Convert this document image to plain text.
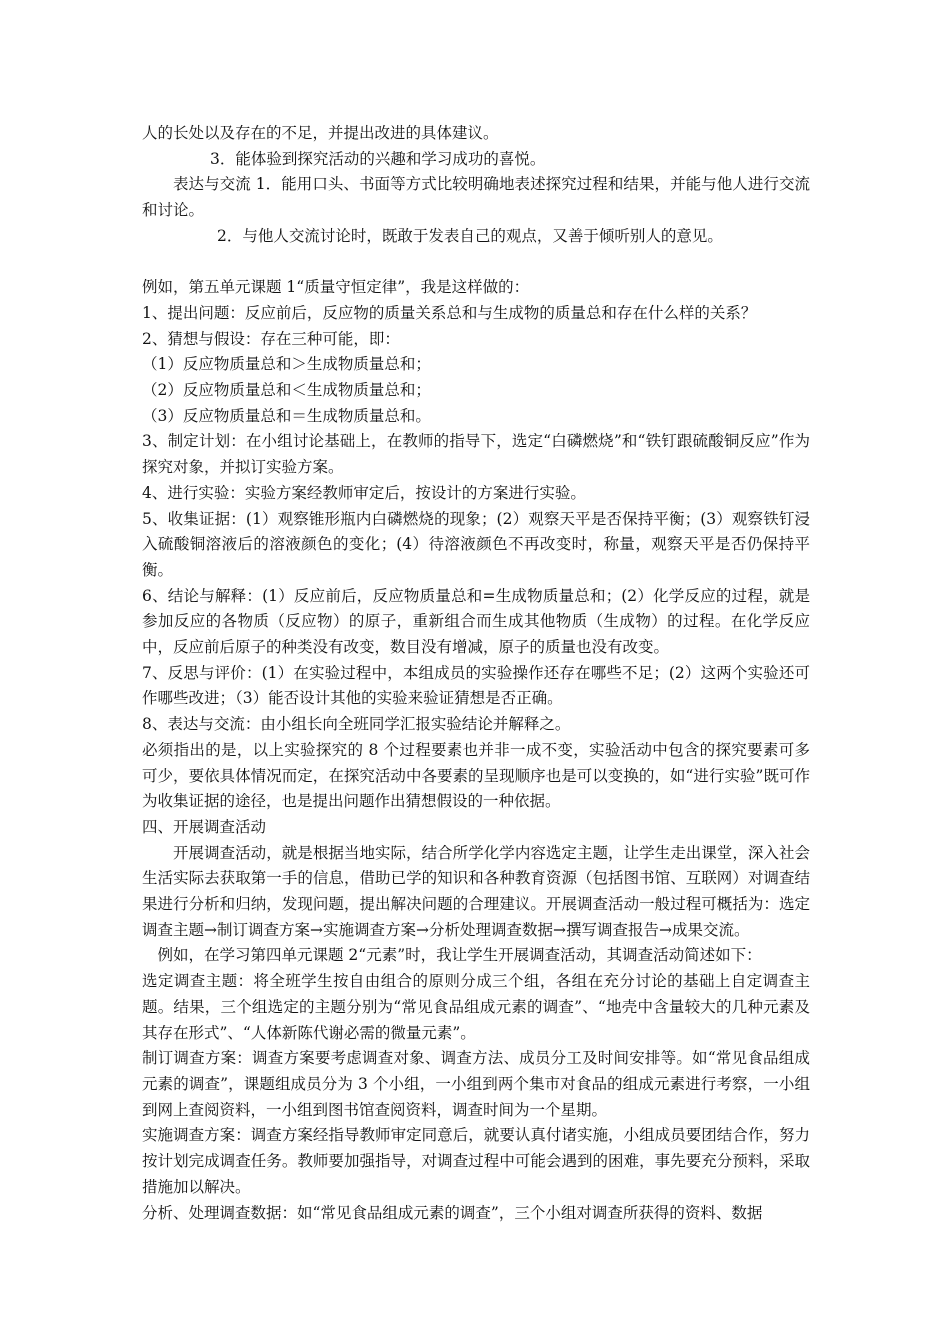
人的长处以及存在的不足，并提出改进的具体建议。

3．能体验到探究活动的兴趣和学习成功的喜悦。

表达与交流 1．能用口头、书面等方式比较明确地表述探究过程和结果，并能与他人进行交流和讨论。

2．与他人交流讨论时，既敢于发表自己的观点，又善于倾听别人的意见。

例如，第五单元课题 1“质量守恒定律”，我是这样做的：

1、提出问题：反应前后，反应物的质量关系总和与生成物的质量总和存在什么样的关系？

2、猜想与假设：存在三种可能，即：

（1）反应物质量总和＞生成物质量总和；

（2）反应物质量总和＜生成物质量总和；

（3）反应物质量总和＝生成物质量总和。

3、制定计划：在小组讨论基础上，在教师的指导下，选定“白磷燃烧”和“铁钉跟硫酸铜反应”作为探究对象，并拟订实验方案。

4、进行实验：实验方案经教师审定后，按设计的方案进行实验。

5、收集证据：(1）观察锥形瓶内白磷燃烧的现象；(2）观察天平是否保持平衡；(3）观察铁钉浸入硫酸铜溶液后的溶液颜色的变化；(4）待溶液颜色不再改变时，称量，观察天平是否仍保持平衡。

6、结论与解释：(1）反应前后，反应物质量总和=生成物质量总和；(2）化学反应的过程，就是参加反应的各物质（反应物）的原子，重新组合而生成其他物质（生成物）的过程。在化学反应中，反应前后原子的种类没有改变，数目没有增减，原子的质量也没有改变。

7、反思与评价：(1）在实验过程中，本组成员的实验操作还存在哪些不足；(2）这两个实验还可作哪些改进；（3）能否设计其他的实验来验证猜想是否正确。

8、表达与交流：由小组长向全班同学汇报实验结论并解释之。

必须指出的是，以上实验探究的 8 个过程要素也并非一成不变，实验活动中包含的探究要素可多可少，要依具体情况而定，在探究活动中各要素的呈现顺序也是可以变换的，如“进行实验”既可作为收集证据的途径，也是提出问题作出猜想假设的一种依据。

四、开展调查活动

开展调查活动，就是根据当地实际，结合所学化学内容选定主题，让学生走出课堂，深入社会生活实际去获取第一手的信息，借助已学的知识和各种教育资源（包括图书馆、互联网）对调查结果进行分析和归纳，发现问题，提出解决问题的合理建议。开展调查活动一般过程可概括为：选定调查主题→制订调查方案→实施调查方案→分析处理调查数据→撰写调查报告→成果交流。

例如，在学习第四单元课题 2“元素”时，我让学生开展调查活动，其调查活动简述如下：

选定调查主题：将全班学生按自由组合的原则分成三个组，各组在充分讨论的基础上自定调查主题。结果，三个组选定的主题分别为“常见食品组成元素的调查”、“地壳中含量较大的几种元素及其存在形式”、“人体新陈代谢必需的微量元素”。

制订调查方案：调查方案要考虑调查对象、调查方法、成员分工及时间安排等。如“常见食品组成元素的调查”，课题组成员分为 3 个小组，一小组到两个集市对食品的组成元素进行考察，一小组到网上查阅资料，一小组到图书馆查阅资料，调查时间为一个星期。

实施调查方案：调查方案经指导教师审定同意后，就要认真付诸实施，小组成员要团结合作，努力按计划完成调查任务。教师要加强指导，对调查过程中可能会遇到的困难，事先要充分预料，采取措施加以解决。

分析、处理调查数据：如“常见食品组成元素的调查”，三个小组对调查所获得的资料、数据
